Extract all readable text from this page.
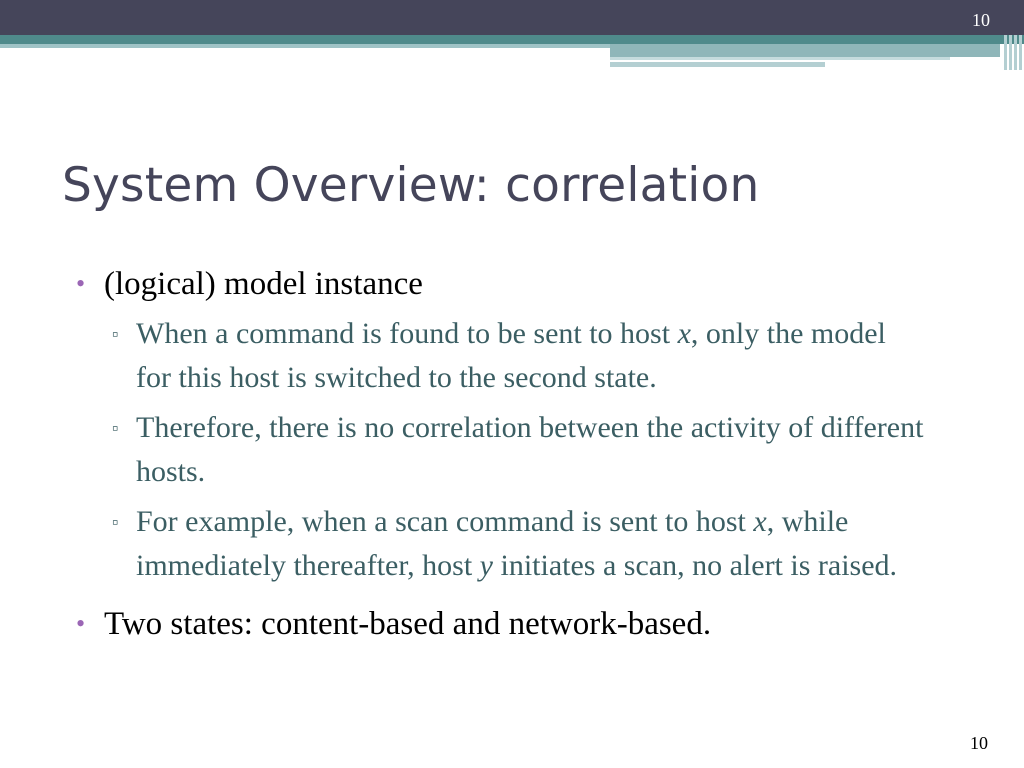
10
System Overview: correlation
• (logical) model instance
▫ When a command is found to be sent to host x, only the model for this host is switched to the second state.
▫ Therefore, there is no correlation between the activity of different hosts.
▫ For example, when a scan command is sent to host x, while immediately thereafter, host y initiates a scan, no alert is raised.
• Two states: content-based and network-based.
10
